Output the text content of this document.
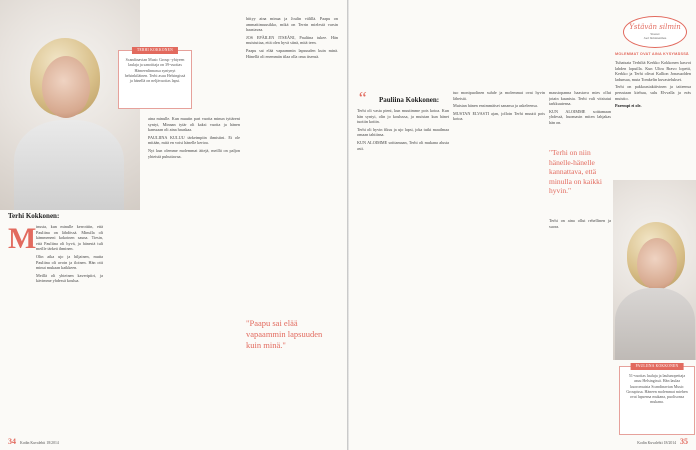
TERHI KOKKONEN
Scandinavian Music Group -yhtyeen laulaja ja sanoittaja on 39-vuotias Hämeenlinnassa syntynyt helsinkiläinen. Terhi asuu Helsingissä ja hänellä on neljävuotias lapsi.
Terhi Kokkonen:
M inusta, kun minulle kerrottiin, että Pauliina on lähdössä. Minulla oli kämmeneni kokoinen sauna. Tiesin, että Pauliina oli hyvä, ja hänestä tuli meille tärkeä ihminen.

Olin aika ujo ja hiljainen, mutta Pauliina oli avoin ja iloinen. Hän otti minut mukaan kaikkeen.

Meillä oli yhteinen kaveripiiri, ja kävimme yhdessä koulua.

aina minulle. Kun muutin pari vuotta minun tyttäreni syntyi, Minnan tytär oli kaksi vuotta ja hänen kanssaan oli aina hauskaa.

PAULIINA KULUU tärkeimpiin ihmisiini. Ei ole mitään, mitä en voisi hänelle kertoa.

Nyt kun olemme molemmat äitejä, meillä on paljon yhteistä puhuttavaa.

hittyy aina minua ja Joulin välillä. Paapu on ammattimuusikko, mikä on Terrin mielestä varsin haastavaa.

JOS EPÄILEN ITSEÄNI, Pauliina tukee. Hän muistuttaa, että olen hyvä siinä, mitä teen.

Paapu sai elää vapaammin lapsuuden kuin minä. Hänellä oli enemmän tilaa olla oma itsensä.

"Paapu sai elää vapaammin lapsuuden kuin minä."
34 Kodin Kuvalehti 18/2014
Pauliina Kokkonen:
“

Terhi oli vasta pieni, kun muutimme pois kotoa. Kun hän syntyi, olin jo koulussa, ja muistan kun hänet tuotiin kotiin.

Terhi oli hyvin fiksu ja ujo lapsi, joka tutki maailmaa omaan tahtiinsa.

KUN ALOIMME soittamaan, Terhi oli mukana alusta asti.

tuo monipuolinen suhde ja molemmat ovat hyvin läheisiä.

Muistan hänen ensimmäiset sanansa ja askeleensa.

MUSTAN ELVASTI ajan, jolloin Terhi muutti pois kotoa.

maustopanna haastava mies ollut jotain kaunista. Terhi vali vitsiutui tarkkuutensa.

KUN ALOIMME soittamaan yhdessä, huomasin miten lahjakas hän on.

"Terhi on niin hänelle-hänelle kannattava, että minulla on kaikki hyvin."

Terhi on aina ollut rehellinen ja suora.

Ystävän silmin
Sisaret
Joel Ilolainenmaa
MOLEMMAT OVAT AINA KYSYMÄSSÄ

Tuhatsata Terhiltä Kerkko Kokkonen kasvoi lahden lopuilla. Kun Ultra Bravo lopetti, Kerkko ja Terhi olivat Kallion Jonasuolden ladunsaa, muta Tomkelin kuvastelukset.

Terhi on pakkoasiaktiivinen ja taiteensa perustaan kiehuu, sulu Elvvalla ja eräs muistio.

Parempi ei ole.

PAULIINA KOKKONEN
51-vuotias lauluja ja laulunopettaja asuu Helsingissä. Hän laulaa kuoromuista Scandinavian Music Groupissa. Häneen molemmat miehen ovat lapsensa mukana, puolisonsa mukana.
Kodin Kuvalehti 18/2014 35
